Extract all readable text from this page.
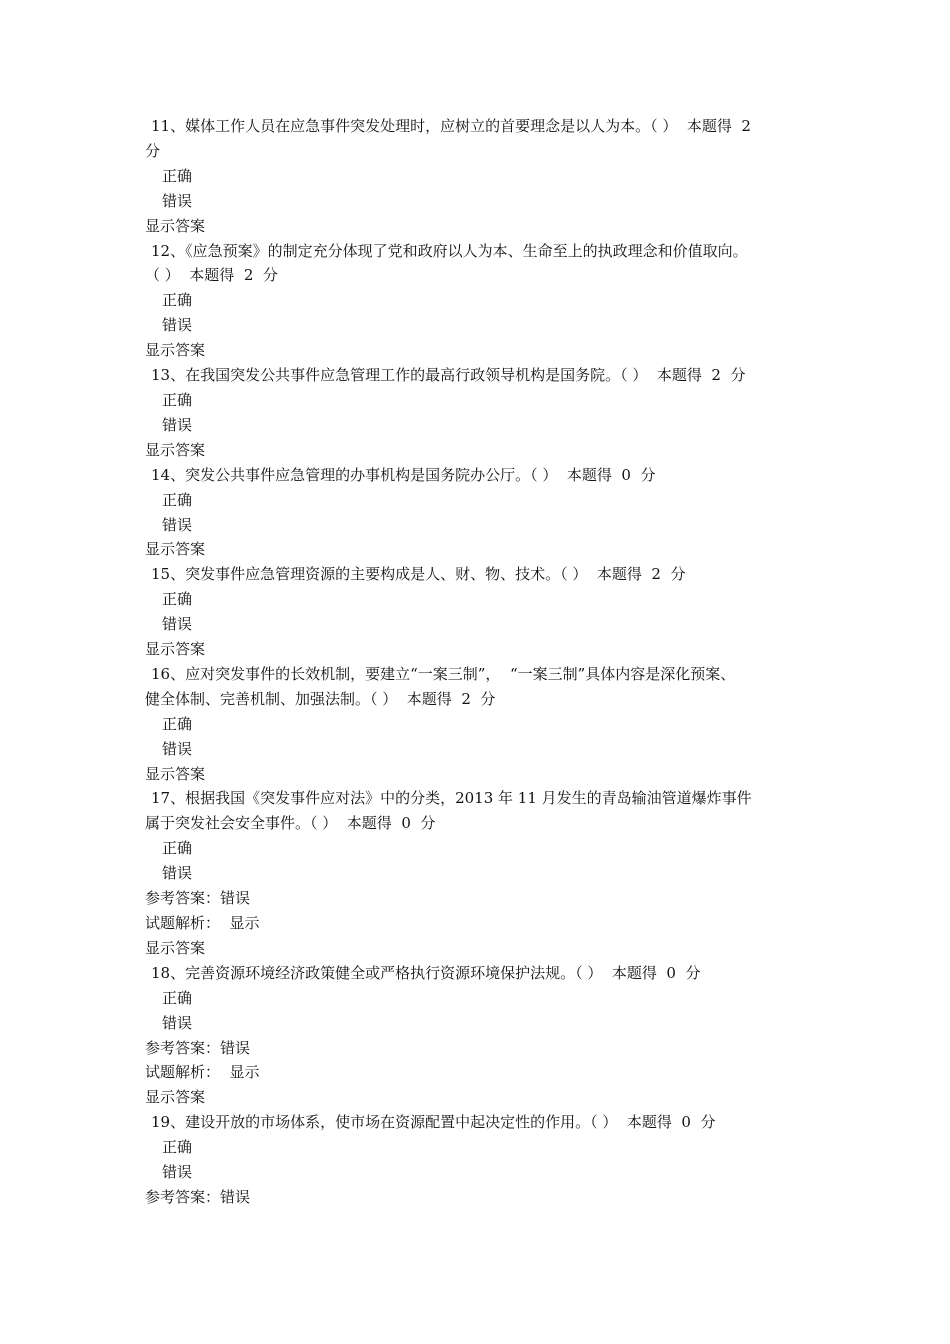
11、媒体工作人员在应急事件突发处理时，应树立的首要理念是以人为本。（ ）  本题得  2
分
正确
错误
显示答案
12、《应急预案》的制定充分体现了党和政府以人为本、生命至上的执政理念和价值取向。
（ ）  本题得  2  分
正确
错误
显示答案
13、在我国突发公共事件应急管理工作的最高行政领导机构是国务院。（ ）  本题得  2  分
正确
错误
显示答案
14、突发公共事件应急管理的办事机构是国务院办公厅。（ ）  本题得  0  分
正确
错误
显示答案
15、突发事件应急管理资源的主要构成是人、财、物、技术。（ ）  本题得  2  分
正确
错误
显示答案
16、应对突发事件的长效机制，要建立“一案三制”，  “一案三制”具体内容是深化预案、
健全体制、完善机制、加强法制。（ ）  本题得  2  分
正确
错误
显示答案
17、根据我国《突发事件应对法》中的分类，2013 年 11 月发生的青岛输油管道爆炸事件
属于突发社会安全事件。（ ）  本题得  0  分
正确
错误
参考答案：错误
试题解析：  显示
显示答案
18、完善资源环境经济政策健全或严格执行资源环境保护法规。（ ）  本题得  0  分
正确
错误
参考答案：错误
试题解析：  显示
显示答案
19、建设开放的市场体系，使市场在资源配置中起决定性的作用。（ ）  本题得  0  分
正确
错误
参考答案：错误
